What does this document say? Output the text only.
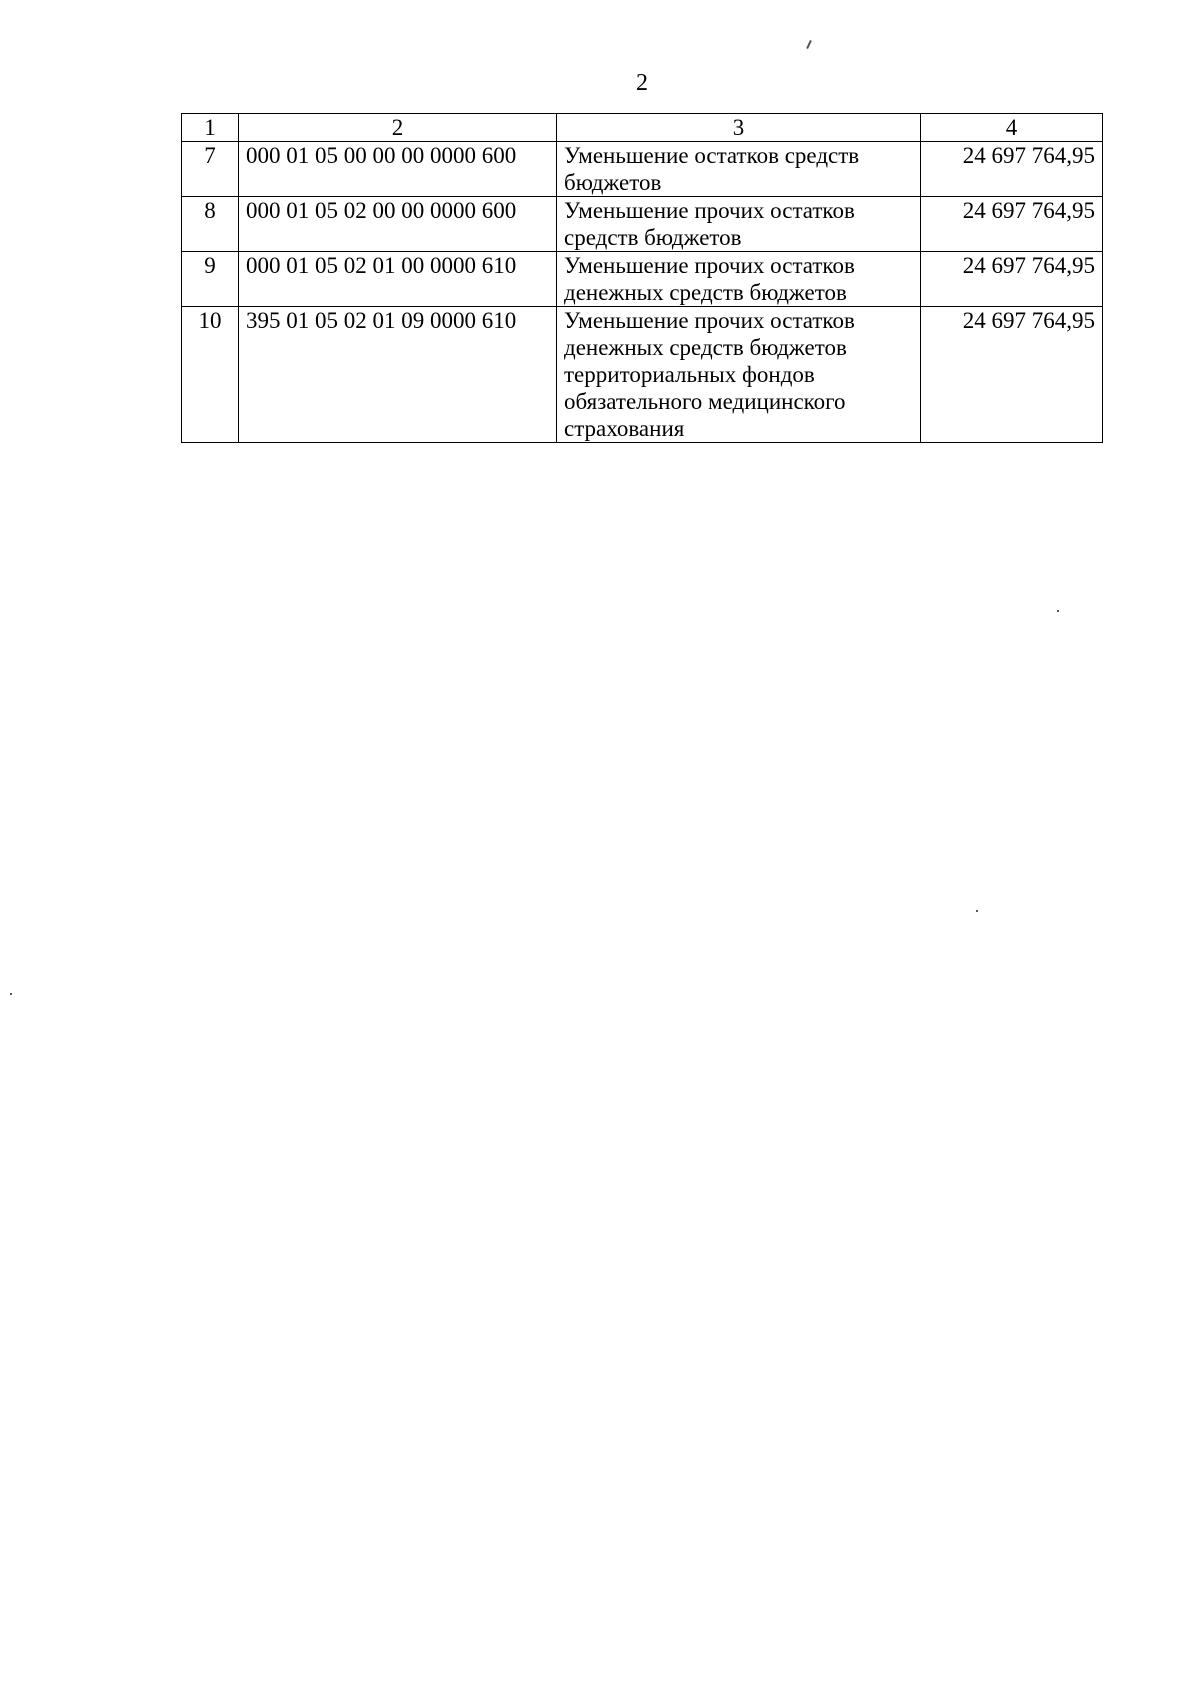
2
1	2	3	4
7	000 01 05 00 00 00 0000 600	Уменьшение остатков средств бюджетов	24 697 764,95
8	000 01 05 02 00 00 0000 600	Уменьшение прочих остатков средств бюджетов	24 697 764,95
9	000 01 05 02 01 00 0000 610	Уменьшение прочих остатков денежных средств бюджетов	24 697 764,95
10	395 01 05 02 01 09 0000 610	Уменьшение прочих остатков денежных средств бюджетов территориальных фондов обязательного медицинского страхования	24 697 764,95
